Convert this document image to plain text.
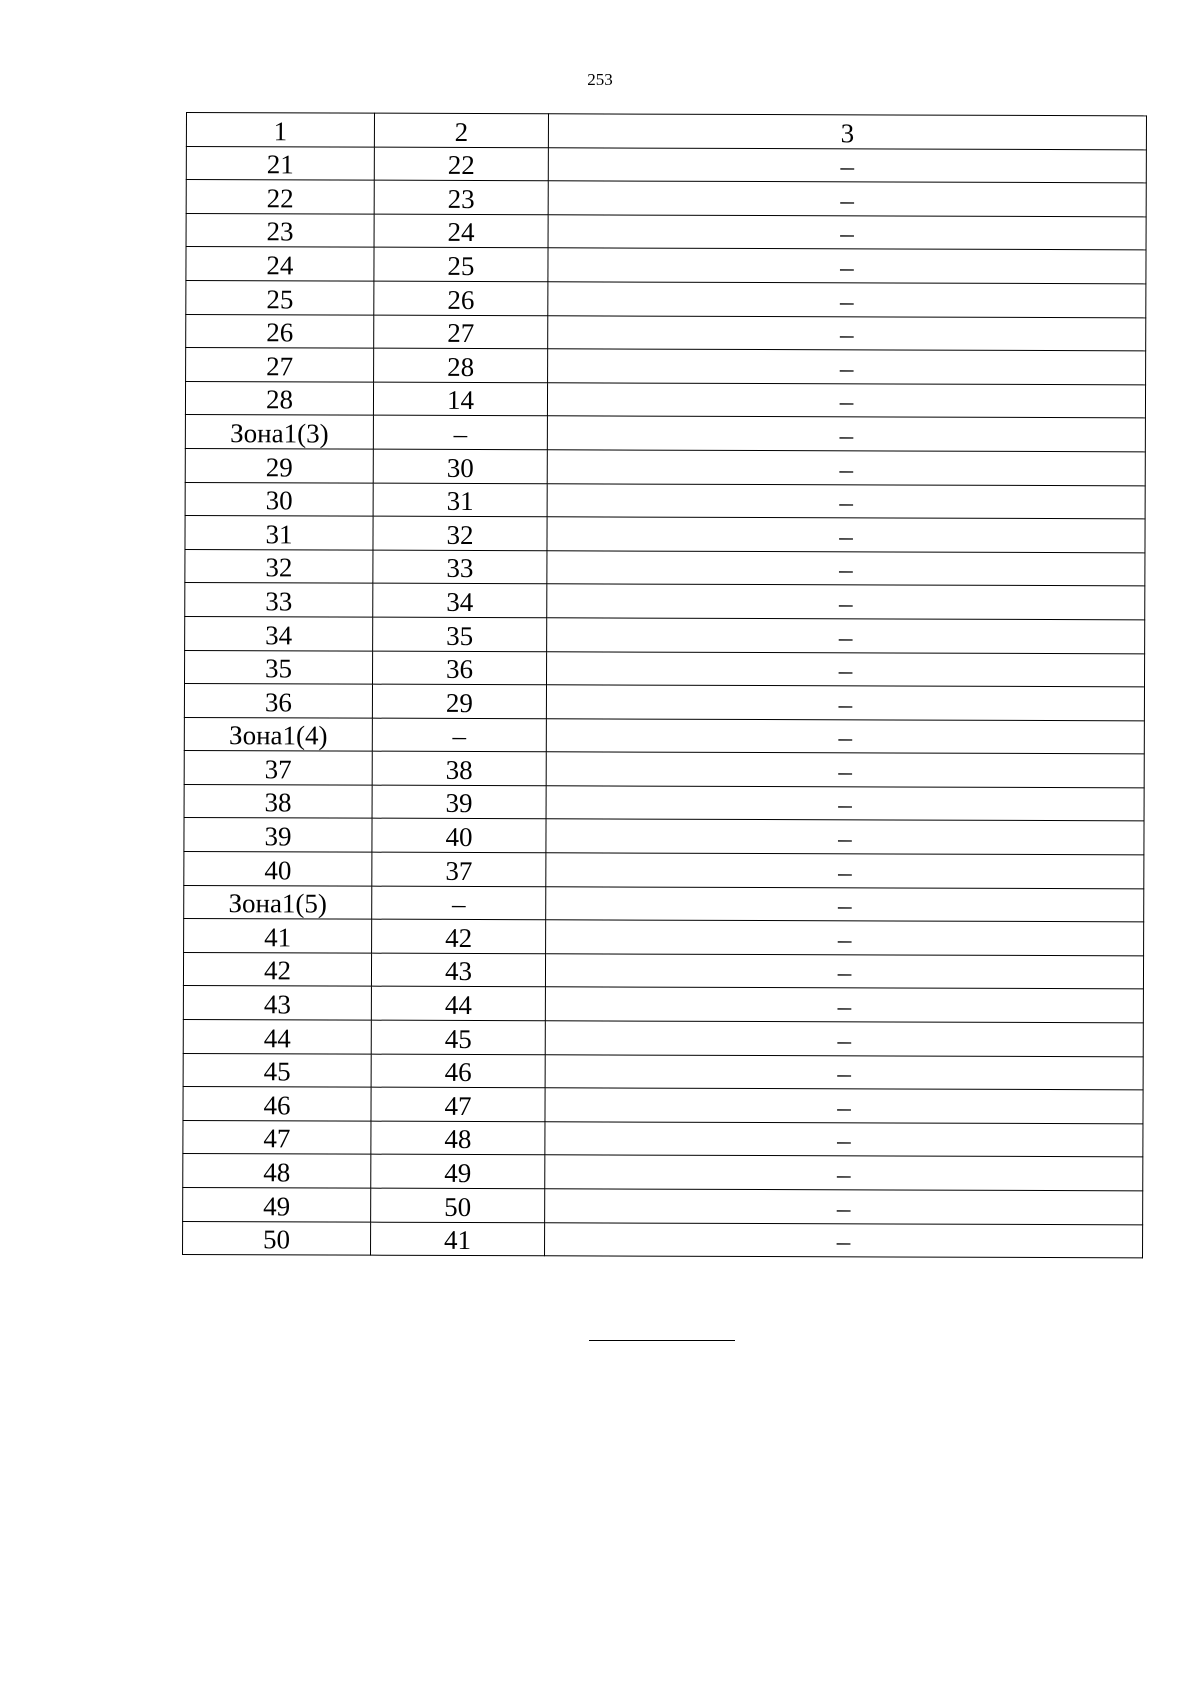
253
1	2	3
21	22	–
22	23	–
23	24	–
24	25	–
25	26	–
26	27	–
27	28	–
28	14	–
Зона1(3)	–	–
29	30	–
30	31	–
31	32	–
32	33	–
33	34	–
34	35	–
35	36	–
36	29	–
Зона1(4)	–	–
37	38	–
38	39	–
39	40	–
40	37	–
Зона1(5)	–	–
41	42	–
42	43	–
43	44	–
44	45	–
45	46	–
46	47	–
47	48	–
48	49	–
49	50	–
50	41	–
